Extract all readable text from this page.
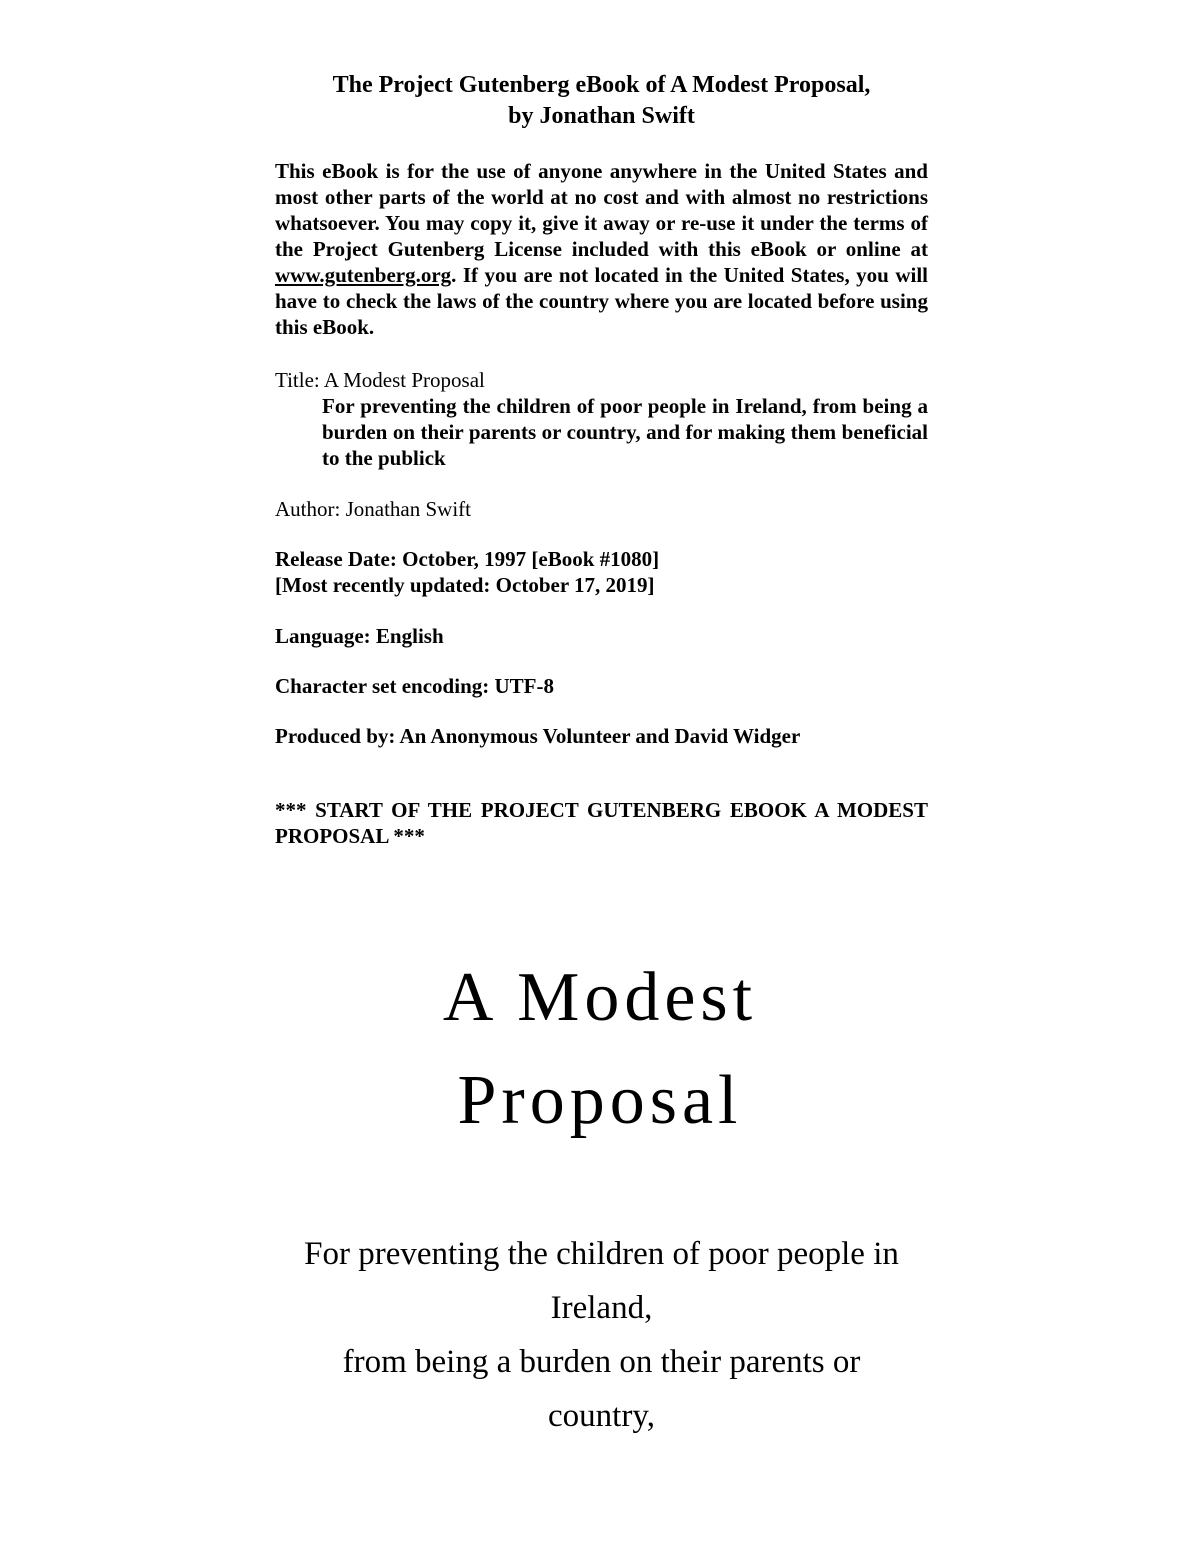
The Project Gutenberg eBook of A Modest Proposal,
by Jonathan Swift

This eBook is for the use of anyone anywhere in the United States and most other parts of the world at no cost and with almost no restrictions whatsoever. You may copy it, give it away or re-use it under the terms of the Project Gutenberg License included with this eBook or online at www.gutenberg.org. If you are not located in the United States, you will have to check the laws of the country where you are located before using this eBook.

Title: A Modest Proposal

For preventing the children of poor people in Ireland, from being a burden on their parents or country, and for making them beneficial to the publick

Author: Jonathan Swift

Release Date: October, 1997 [eBook #1080]

[Most recently updated: October 17, 2019]

Language: English

Character set encoding: UTF-8

Produced by: An Anonymous Volunteer and David Widger

*** START OF THE PROJECT GUTENBERG EBOOK A MODEST PROPOSAL ***

A Modest
Proposal
For preventing the children of poor people in
Ireland,
from being a burden on their parents or
country,
